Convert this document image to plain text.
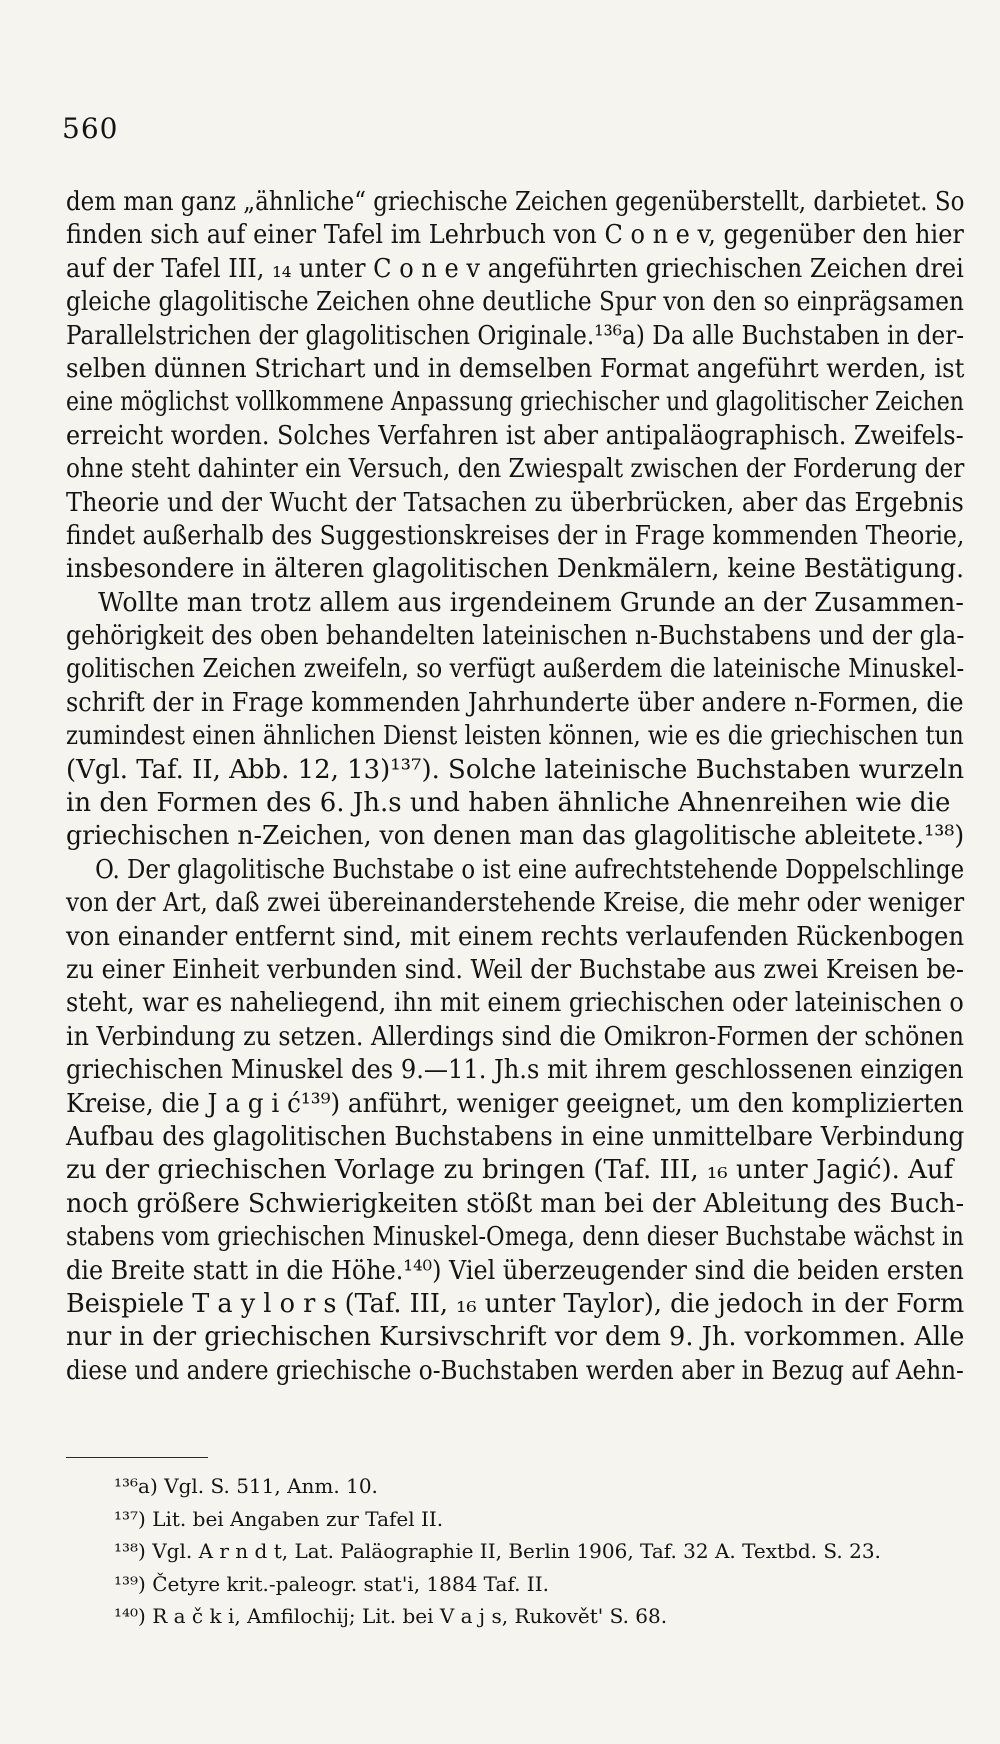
560
dem man ganz „ähnliche“ griechische Zeichen gegenüberstellt, darbietet. So
finden sich auf einer Tafel im Lehrbuch von C o n e v, gegenüber den hier
auf der Tafel III, ₁₄ unter C o n e v angeführten griechischen Zeichen drei
gleiche glagolitische Zeichen ohne deutliche Spur von den so einprägsamen
Parallelstrichen der glagolitischen Originale.¹³⁶a) Da alle Buchstaben in der-
selben dünnen Strichart und in demselben Format angeführt werden, ist
eine möglichst vollkommene Anpassung griechischer und glagolitischer Zeichen
erreicht worden. Solches Verfahren ist aber antipaläographisch. Zweifels-
ohne steht dahinter ein Versuch, den Zwiespalt zwischen der Forderung der
Theorie und der Wucht der Tatsachen zu überbrücken, aber das Ergebnis
findet außerhalb des Suggestionskreises der in Frage kommenden Theorie,
insbesondere in älteren glagolitischen Denkmälern, keine Bestätigung.
Wollte man trotz allem aus irgendeinem Grunde an der Zusammen-
gehörigkeit des oben behandelten lateinischen n-Buchstabens und der gla-
golitischen Zeichen zweifeln, so verfügt außerdem die lateinische Minuskel-
schrift der in Frage kommenden Jahrhunderte über andere n-Formen, die
zumindest einen ähnlichen Dienst leisten können, wie es die griechischen tun
(Vgl. Taf. II, Abb. 12, 13)¹³⁷). Solche lateinische Buchstaben wurzeln
in den Formen des 6. Jh.s und haben ähnliche Ahnenreihen wie die
griechischen n-Zeichen, von denen man das glagolitische ableitete.¹³⁸)
O. Der glagolitische Buchstabe o ist eine aufrechtstehende Doppelschlinge
von der Art, daß zwei übereinanderstehende Kreise, die mehr oder weniger
von einander entfernt sind, mit einem rechts verlaufenden Rückenbogen
zu einer Einheit verbunden sind. Weil der Buchstabe aus zwei Kreisen be-
steht, war es naheliegend, ihn mit einem griechischen oder lateinischen o
in Verbindung zu setzen. Allerdings sind die Omikron-Formen der schönen
griechischen Minuskel des 9.—11. Jh.s mit ihrem geschlossenen einzigen
Kreise, die J a g i ć¹³⁹) anführt, weniger geeignet, um den komplizierten
Aufbau des glagolitischen Buchstabens in eine unmittelbare Verbindung
zu der griechischen Vorlage zu bringen (Taf. III, ₁₆ unter Jagić). Auf
noch größere Schwierigkeiten stößt man bei der Ableitung des Buch-
stabens vom griechischen Minuskel-Omega, denn dieser Buchstabe wächst in
die Breite statt in die Höhe.¹⁴⁰) Viel überzeugender sind die beiden ersten
Beispiele T a y l o r s (Taf. III, ₁₆ unter Taylor), die jedoch in der Form
nur in der griechischen Kursivschrift vor dem 9. Jh. vorkommen. Alle
diese und andere griechische o-Buchstaben werden aber in Bezug auf Aehn-
¹³⁶a) Vgl. S. 511, Anm. 10.
¹³⁷) Lit. bei Angaben zur Tafel II.
¹³⁸) Vgl. A r n d t, Lat. Paläographie II, Berlin 1906, Taf. 32 A. Textbd. S. 23.
¹³⁹) Četyre krit.-paleogr. stat'i, 1884 Taf. II.
¹⁴⁰) R a č k i, Amfilochij; Lit. bei V a j s, Rukovět' S. 68.
